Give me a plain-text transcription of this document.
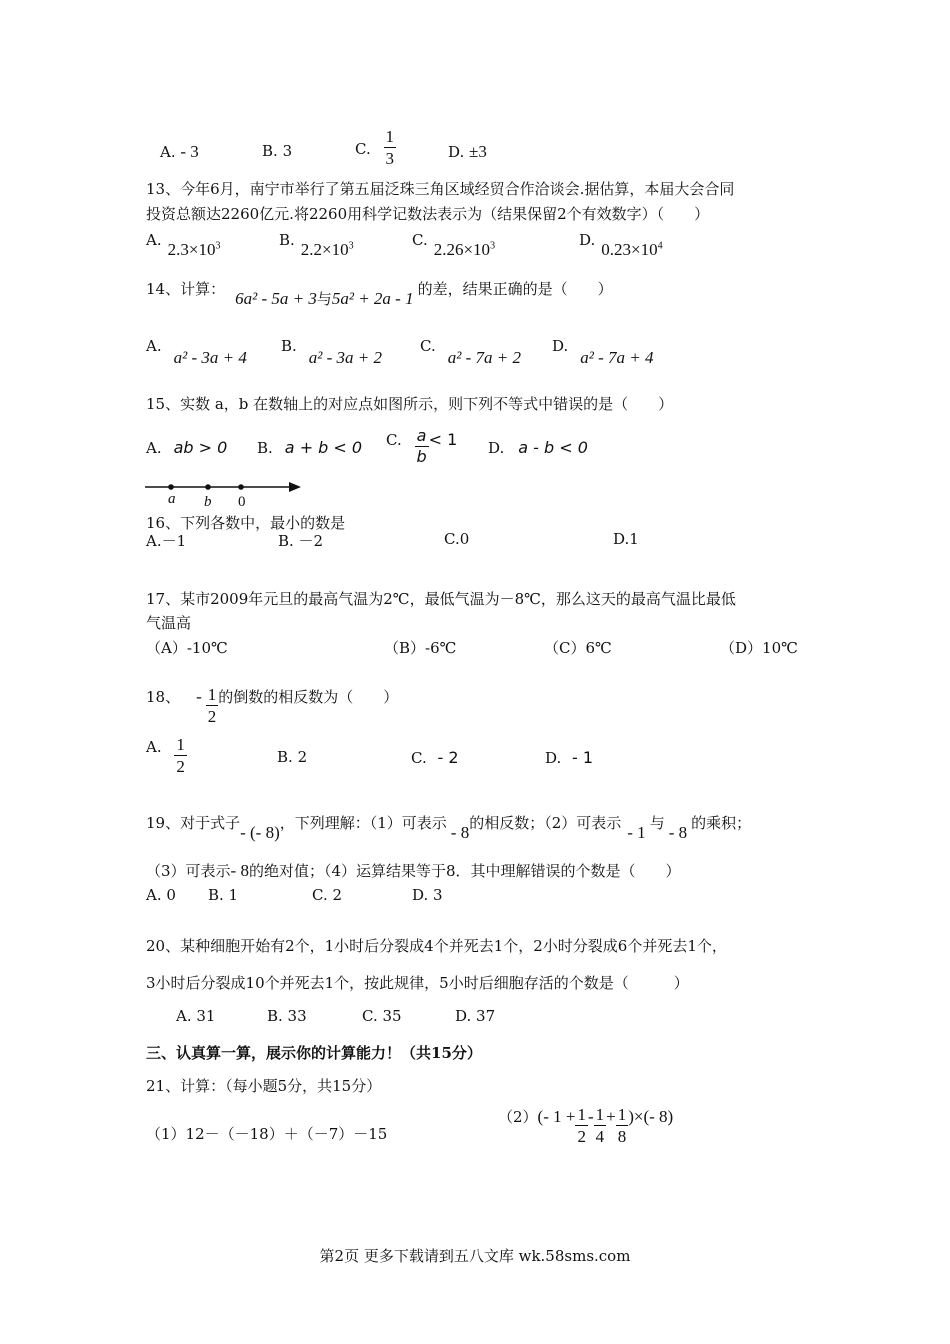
A. - 3	B. 3	C. $\frac{1}{3}$	D. ±3
13、今年6月，南宁市举行了第五届泛珠三角区域经贸合作洽谈会.据估算，本届大会合同
投资总额达2260亿元.将2260用科学记数法表示为（结果保留2个有效数字）（　　）
A. $2.3\times 10^3$	B. $2.2\times 10^3$	C. $2.26\times 10^3$	D. $0.23\times 10^4$
14、计算： 6a² - 5a + 3与5a² + 2a - 1 的差，结果正确的是（　　）
A.a² - 3a + 4
B.a² - 3a + 2
C.a² - 7a + 2
D.a² - 7a + 4
15、实数 a，b 在数轴上的对应点如图所示，则下列不等式中错误的是（　　）
A. ab > 0 B. a + b < 0 C. $\frac{a}{b} < 1$ D. a - b < 0
a b 0
16、下列各数中，最小的数是
A.－1	B. －2	C.0	D.1
17、某市2009年元旦的最高气温为2℃，最低气温为－8℃，那么这天的最高气温比最低
气温高
（A）-10℃	（B）-6℃	（C）6℃	（D）10℃
18、 - $\frac{1}{2}$ 的倒数的相反数为（　　）
A. $\frac{1}{2}$	B. 2	C. - 2	D. - 1
19、对于式子- (- 8)，下列理解：（1）可表示 - 8的相反数；（2）可表示 - 1 与 - 8 的乘积；
（3）可表示- 8的绝对值；（4）运算结果等于8．其中理解错误的个数是（　　）
A. 0 B. 1	C. 2	D. 3
20、某种细胞开始有2个，1小时后分裂成4个并死去1个，2小时分裂成6个并死去1个，
3小时后分裂成10个并死去1个，按此规律，5小时后细胞存活的个数是（　　　）
A. 31	B. 33	C. 35	D. 37
三、认真算一算，展示你的计算能力！（共15分）
21、计算：（每小题5分，共15分）
（1）12－（－18）＋（－7）－15
（2）(- $1 + \frac{1}{2} - \frac{1}{4} + \frac{1}{8}$ )×(- 8)
第2页 更多下载请到五八文库 wk.58sms.com
